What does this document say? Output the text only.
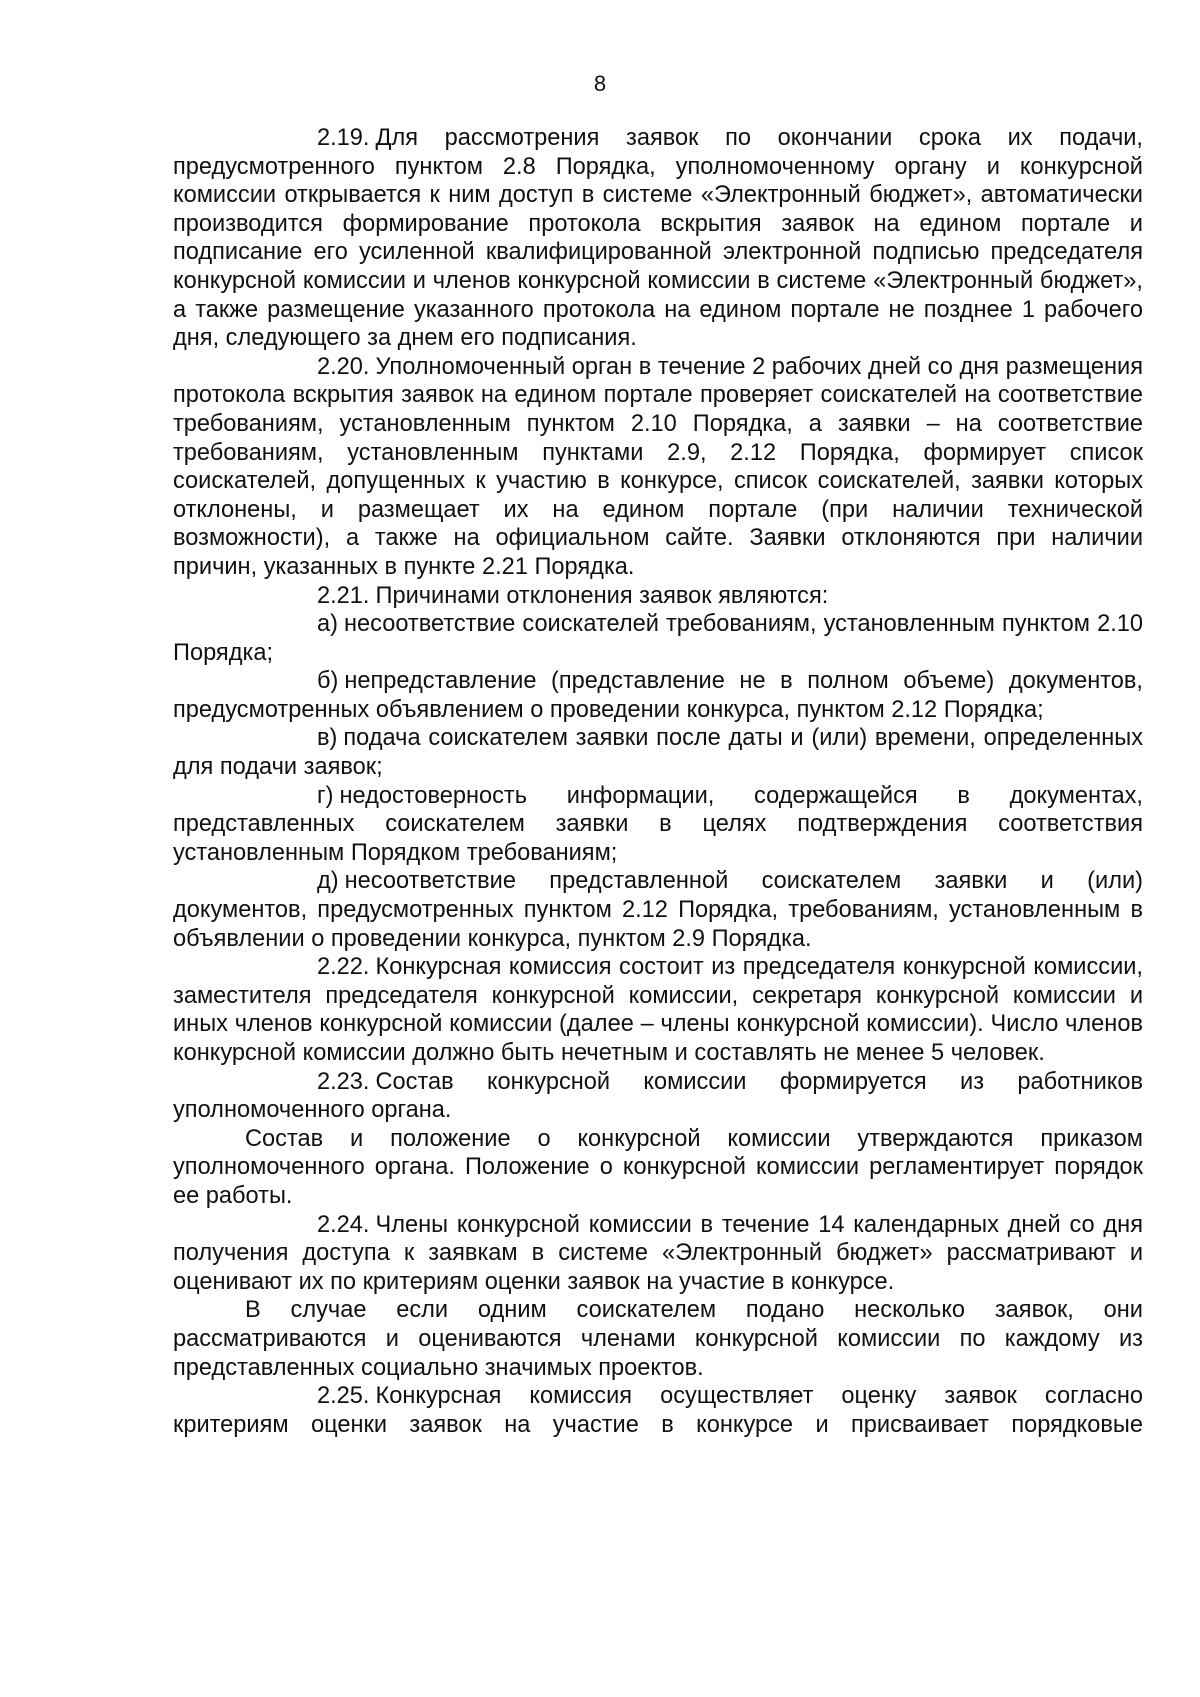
8

2.19. Для рассмотрения заявок по окончании срока их подачи, предусмотренного пунктом 2.8 Порядка, уполномоченному органу и конкурсной комиссии открывается к ним доступ в системе «Электронный бюджет», автоматически производится формирование протокола вскрытия заявок на едином портале и подписание его усиленной квалифицированной электронной подписью председателя конкурсной комиссии и членов конкурсной комиссии в системе «Электронный бюджет», а также размещение указанного протокола на едином портале не позднее 1 рабочего дня, следующего за днем его подписания.

2.20. Уполномоченный орган в течение 2 рабочих дней со дня размещения протокола вскрытия заявок на едином портале проверяет соискателей на соответствие требованиям, установленным пунктом 2.10 Порядка, а заявки – на соответствие требованиям, установленным пунктами 2.9, 2.12 Порядка, формирует список соискателей, допущенных к участию в конкурсе, список соискателей, заявки которых отклонены, и размещает их на едином портале (при наличии технической возможности), а также на официальном сайте. Заявки отклоняются при наличии причин, указанных в пункте 2.21 Порядка.

2.21. Причинами отклонения заявок являются:

а) несоответствие соискателей требованиям, установленным пунктом 2.10 Порядка;

б) непредставление (представление не в полном объеме) документов, предусмотренных объявлением о проведении конкурса, пунктом 2.12 Порядка;

в) подача соискателем заявки после даты и (или) времени, определенных для подачи заявок;

г) недостоверность информации, содержащейся в документах, представленных соискателем заявки в целях подтверждения соответствия установленным Порядком требованиям;

д) несоответствие представленной соискателем заявки и (или) документов, предусмотренных пунктом 2.12 Порядка, требованиям, установленным в объявлении о проведении конкурса, пунктом 2.9 Порядка.

2.22. Конкурсная комиссия состоит из председателя конкурсной комиссии, заместителя председателя конкурсной комиссии, секретаря конкурсной комиссии и иных членов конкурсной комиссии (далее – члены конкурсной комиссии). Число членов конкурсной комиссии должно быть нечетным и составлять не менее 5 человек.

2.23. Состав конкурсной комиссии формируется из работников уполномоченного органа.

Состав и положение о конкурсной комиссии утверждаются приказом уполномоченного органа. Положение о конкурсной комиссии регламентирует порядок ее работы.

2.24. Члены конкурсной комиссии в течение 14 календарных дней со дня получения доступа к заявкам в системе «Электронный бюджет» рассматривают и оценивают их по критериям оценки заявок на участие в конкурсе.

В случае если одним соискателем подано несколько заявок, они рассматриваются и оцениваются членами конкурсной комиссии по каждому из представленных социально значимых проектов.

2.25. Конкурсная комиссия осуществляет оценку заявок согласно критериям оценки заявок на участие в конкурсе и присваивает порядковые
